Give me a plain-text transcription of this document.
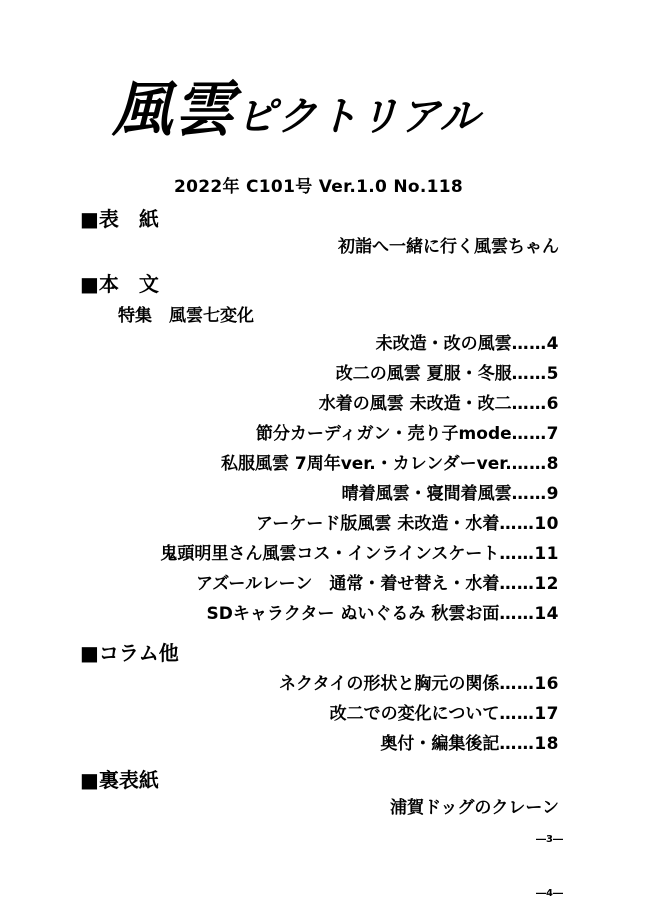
風雲ピクトリアル
2022年 C101号 Ver.1.0 No.118
■表　紙
初詣へ一緒に行く風雲ちゃん
■本　文
特集　風雲七変化
未改造・改の風雲……4
改二の風雲 夏服・冬服……5
水着の風雲 未改造・改二……6
節分カーディガン・売り子mode……7
私服風雲 7周年ver.・カレンダーver.……8
晴着風雲・寝間着風雲……9
アーケード版風雲 未改造・水着……10
鬼頭明里さん風雲コス・インラインスケート……11
アズールレーン　通常・着せ替え・水着……12
SDキャラクター ぬいぐるみ 秋雲お面……14
■コラム他
ネクタイの形状と胸元の関係……16
改二での変化について……17
奥付・編集後記……18
■裏表紙
浦賀ドッグのクレーン
―3―
―4―
